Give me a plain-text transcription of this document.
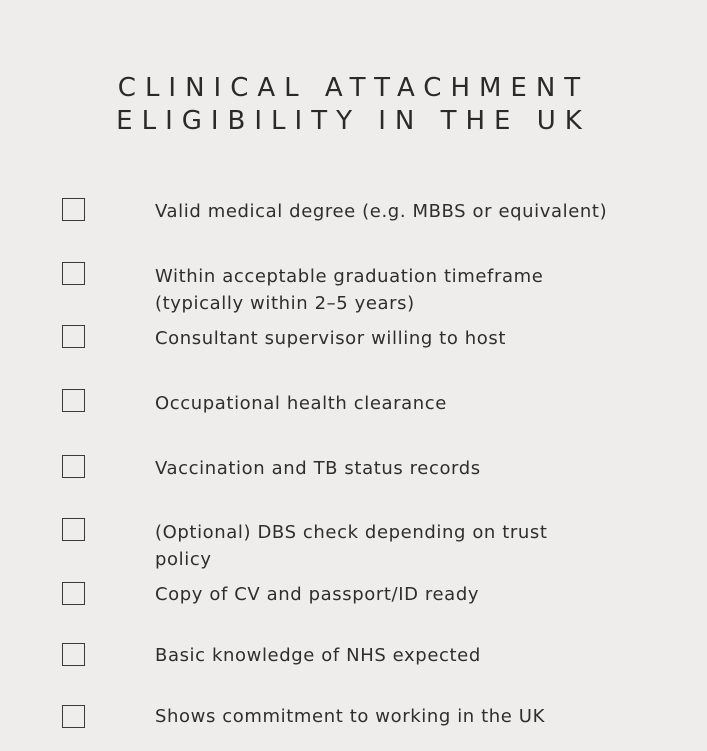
CLINICAL ATTACHMENT
ELIGIBILITY IN THE UK
Valid medical degree (e.g. MBBS or equivalent)
Within acceptable graduation timeframe
(typically within 2–5 years)
Consultant supervisor willing to host
Occupational health clearance
Vaccination and TB status records
(Optional) DBS check depending on trust
policy
Copy of CV and passport/ID ready
Basic knowledge of NHS expected
Shows commitment to working in the UK
